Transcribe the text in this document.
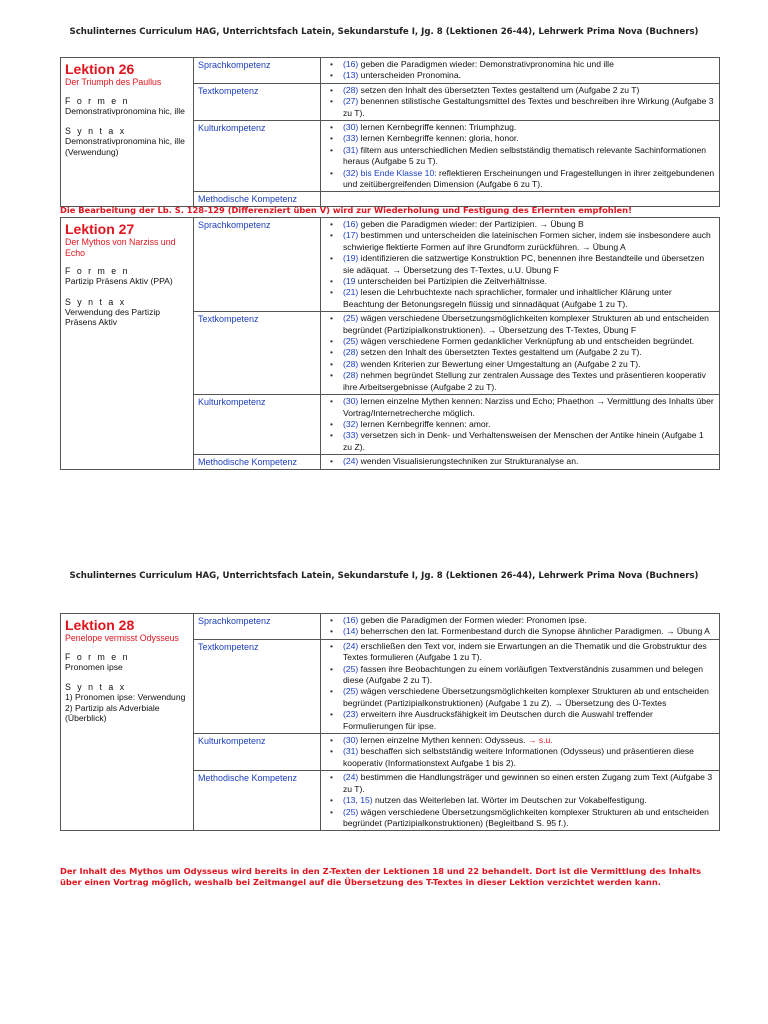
Schulinternes Curriculum HAG, Unterrichtsfach Latein, Sekundarstufe I, Jg. 8 (Lektionen 26-44), Lehrwerk Prima Nova (Buchners)
Lektion 26
Der Triumph des Paullus
F o r m e n
Demonstrativpronomina hic, ille
S y n t a x
Demonstrativpronomina hic, ille (Verwendung)
Sprachkompetenz	• (16) geben die Paradigmen wieder: Demonstrativpronomina hic und ille
• (13) unterscheiden Pronomina.
Textkompetenz	• (28) setzen den Inhalt des übersetzten Textes gestaltend um (Aufgabe 2 zu T)
• (27) benennen stilistische Gestaltungsmittel des Textes und beschreiben ihre Wirkung (Aufgabe 3 zu T).
Kulturkompetenz	• (30) lernen Kernbegriffe kennen: Triumphzug.
• (33) lernen Kernbegriffe kennen: gloria, honor.
• (31) filtern aus unterschiedlichen Medien selbstständig thematisch relevante Sachinformationen heraus (Aufgabe 5 zu T).
• (32) bis Ende Klasse 10: reflektieren Erscheinungen und Fragestellungen in ihrer zeitgebundenen und zeitübergreifenden Dimension (Aufgabe 6 zu T).
Methodische Kompetenz
Die Bearbeitung der Lb. S. 128-129 (Differenziert üben V) wird zur Wiederholung und Festigung des Erlernten empfohlen!
Lektion 27
Der Mythos von Narziss und Echo
F o r m e n
Partizip Präsens Aktiv (PPA)
S y n t a x
Verwendung des Partizip Präsens Aktiv
Sprachkompetenz	• (16) geben die Paradigmen wieder: der Partizipien. → Übung B
• (17) bestimmen und unterscheiden die lateinischen Formen sicher, indem sie insbesondere auch schwierige flektierte Formen auf ihre Grundform zurückführen. → Übung A
• (19) identifizieren die satzwertige Konstruktion PC, benennen ihre Bestandteile und übersetzen sie adäquat. → Übersetzung des T-Textes, u.U. Übung F
• (19 unterscheiden bei Partizipien die Zeitverhältnisse.
• (21) lesen die Lehrbuchtexte nach sprachlicher, formaler und inhaltlicher Klärung unter Beachtung der Betonungsregeln flüssig und sinnadäquat (Aufgabe 1 zu T).
Textkompetenz	• (25) wägen verschiedene Übersetzungsmöglichkeiten komplexer Strukturen ab und entscheiden begründet (Partizipialkonstruktionen). → Übersetzung des T-Textes, Übung F
• (25) wägen verschiedene Formen gedanklicher Verknüpfung ab und entscheiden begründet.
• (28) setzen den Inhalt des übersetzten Textes gestaltend um (Aufgabe 2 zu T).
• (28) wenden Kriterien zur Bewertung einer Umgestaltung an (Aufgabe 2 zu T).
• (28) nehmen begründet Stellung zur zentralen Aussage des Textes und präsentieren kooperativ ihre Arbeitsergebnisse (Aufgabe 2 zu T).
Kulturkompetenz	• (30) lernen einzelne Mythen kennen: Narziss und Echo; Phaethon → Vermittlung des Inhalts über Vortrag/Internetrecherche möglich.
• (32) lernen Kernbegriffe kennen: amor.
• (33) versetzen sich in Denk- und Verhaltensweisen der Menschen der Antike hinein (Aufgabe 1 zu Z).
Methodische Kompetenz	• (24) wenden Visualisierungstechniken zur Strukturanalyse an.
Schulinternes Curriculum HAG, Unterrichtsfach Latein, Sekundarstufe I, Jg. 8 (Lektionen 26-44), Lehrwerk Prima Nova (Buchners)
Lektion 28
Penelope vermisst Odysseus
F o r m e n
Pronomen ipse
S y n t a x
1) Pronomen ipse: Verwendung
2) Partizip als Adverbiale (Überblick)
Sprachkompetenz	• (16) geben die Paradigmen der Formen wieder: Pronomen ipse.
• (14) beherrschen den lat. Formenbestand durch die Synopse ähnlicher Paradigmen. → Übung A
Textkompetenz	• (24) erschließen den Text vor, indem sie Erwartungen an die Thematik und die Grobstruktur des Textes formulieren (Aufgabe 1 zu T).
• (25) fassen ihre Beobachtungen zu einem vorläufigen Textverständnis zusammen und belegen diese (Aufgabe 2 zu T).
• (25) wägen verschiedene Übersetzungsmöglichkeiten komplexer Strukturen ab und entscheiden begründet (Partizipialkonstruktionen) (Aufgabe 1 zu Z). → Übersetzung des Ü-Textes
• (23) erweitern ihre Ausdrucksfähigkeit im Deutschen durch die Auswahl treffender Formulierungen für ipse.
Kulturkompetenz	• (30) lernen einzelne Mythen kennen: Odysseus. → s.u.
• (31) beschaffen sich selbstständig weitere Informationen (Odysseus) und präsentieren diese kooperativ (Informationstext Aufgabe 1 bis 2).
Methodische Kompetenz	• (24) bestimmen die Handlungsträger und gewinnen so einen ersten Zugang zum Text (Aufgabe 3 zu T).
• (13, 15) nutzen das Weiterleben lat. Wörter im Deutschen zur Vokabelfestigung.
• (25) wägen verschiedene Übersetzungsmöglichkeiten komplexer Strukturen ab und entscheiden begründet (Partizipialkonstruktionen) (Begleitband S. 95 f.).
Der Inhalt des Mythos um Odysseus wird bereits in den Z-Texten der Lektionen 18 und 22 behandelt. Dort ist die Vermittlung des Inhalts über einen Vortrag möglich, weshalb bei Zeitmangel auf die Übersetzung des T-Textes in dieser Lektion verzichtet werden kann.
